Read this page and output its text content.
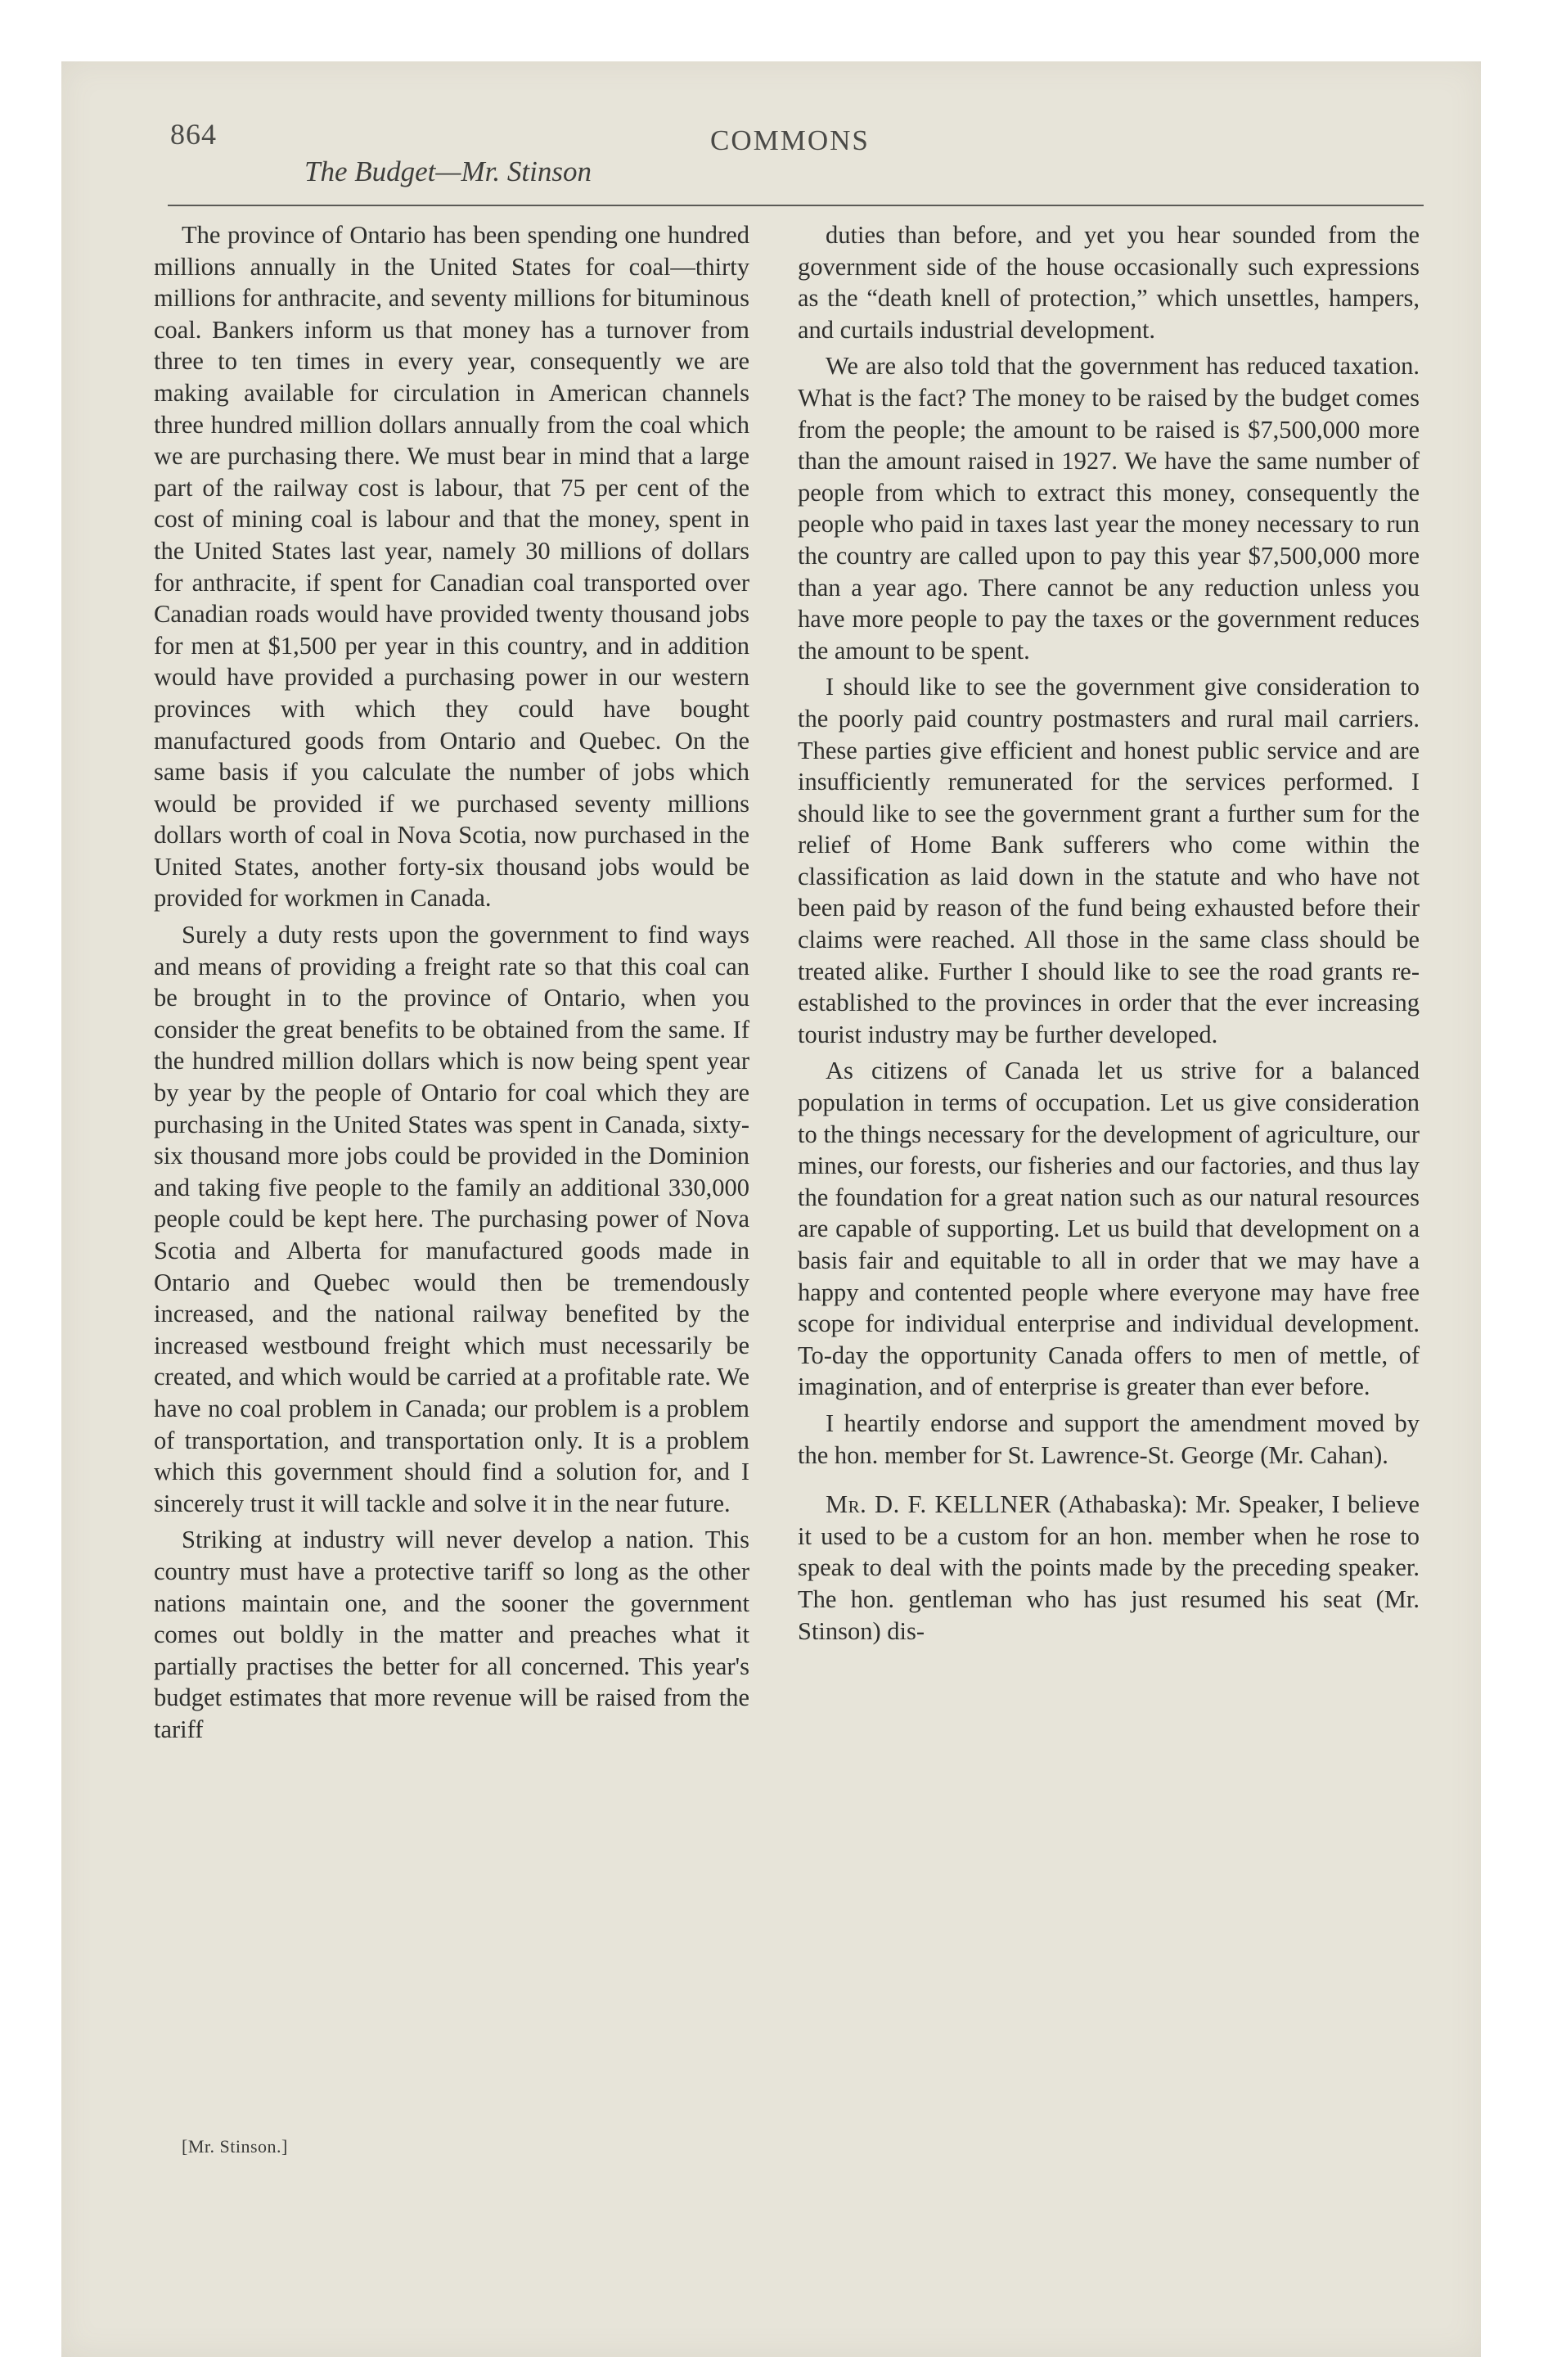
864	COMMONS
The Budget—Mr. Stinson

The province of Ontario has been spending one hundred millions annually in the United States for coal—thirty millions for anthracite, and seventy millions for bituminous coal. Bankers inform us that money has a turnover from three to ten times in every year, consequently we are making available for circulation in American channels three hundred million dollars annually from the coal which we are purchasing there. We must bear in mind that a large part of the railway cost is labour, that 75 per cent of the cost of mining coal is labour and that the money, spent in the United States last year, namely 30 millions of dollars for anthracite, if spent for Canadian coal transported over Canadian roads would have provided twenty thousand jobs for men at $1,500 per year in this country, and in addition would have provided a purchasing power in our western provinces with which they could have bought manufactured goods from Ontario and Quebec. On the same basis if you calculate the number of jobs which would be provided if we purchased seventy millions dollars worth of coal in Nova Scotia, now purchased in the United States, another forty-six thousand jobs would be provided for workmen in Canada.

Surely a duty rests upon the government to find ways and means of providing a freight rate so that this coal can be brought in to the province of Ontario, when you consider the great benefits to be obtained from the same. If the hundred million dollars which is now being spent year by year by the people of Ontario for coal which they are purchasing in the United States was spent in Canada, sixty-six thousand more jobs could be provided in the Dominion and taking five people to the family an additional 330,000 people could be kept here. The purchasing power of Nova Scotia and Alberta for manufactured goods made in Ontario and Quebec would then be tremendously increased, and the national railway benefited by the increased westbound freight which must necessarily be created, and which would be carried at a profitable rate. We have no coal problem in Canada; our problem is a problem of transportation, and transportation only. It is a problem which this government should find a solution for, and I sincerely trust it will tackle and solve it in the near future.

Striking at industry will never develop a nation. This country must have a protective tariff so long as the other nations maintain one, and the sooner the government comes out boldly in the matter and preaches what it partially practises the better for all concerned. This year's budget estimates that more revenue will be raised from the tariff

duties than before, and yet you hear sounded from the government side of the house occasionally such expressions as the “death knell of protection,” which unsettles, hampers, and curtails industrial development.

We are also told that the government has reduced taxation. What is the fact? The money to be raised by the budget comes from the people; the amount to be raised is $7,500,000 more than the amount raised in 1927. We have the same number of people from which to extract this money, consequently the people who paid in taxes last year the money necessary to run the country are called upon to pay this year $7,500,000 more than a year ago. There cannot be any reduction unless you have more people to pay the taxes or the government reduces the amount to be spent.

I should like to see the government give consideration to the poorly paid country postmasters and rural mail carriers. These parties give efficient and honest public service and are insufficiently remunerated for the services performed. I should like to see the government grant a further sum for the relief of Home Bank sufferers who come within the classification as laid down in the statute and who have not been paid by reason of the fund being exhausted before their claims were reached. All those in the same class should be treated alike. Further I should like to see the road grants re-established to the provinces in order that the ever increasing tourist industry may be further developed.

As citizens of Canada let us strive for a balanced population in terms of occupation. Let us give consideration to the things necessary for the development of agriculture, our mines, our forests, our fisheries and our factories, and thus lay the foundation for a great nation such as our natural resources are capable of supporting. Let us build that development on a basis fair and equitable to all in order that we may have a happy and contented people where everyone may have free scope for individual enterprise and individual development. To-day the opportunity Canada offers to men of mettle, of imagination, and of enterprise is greater than ever before.

I heartily endorse and support the amendment moved by the hon. member for St. Lawrence-St. George (Mr. Cahan).

Mr. D. F. KELLNER (Athabaska): Mr. Speaker, I believe it used to be a custom for an hon. member when he rose to speak to deal with the points made by the preceding speaker. The hon. gentleman who has just resumed his seat (Mr. Stinson) dis-

[Mr. Stinson.]
